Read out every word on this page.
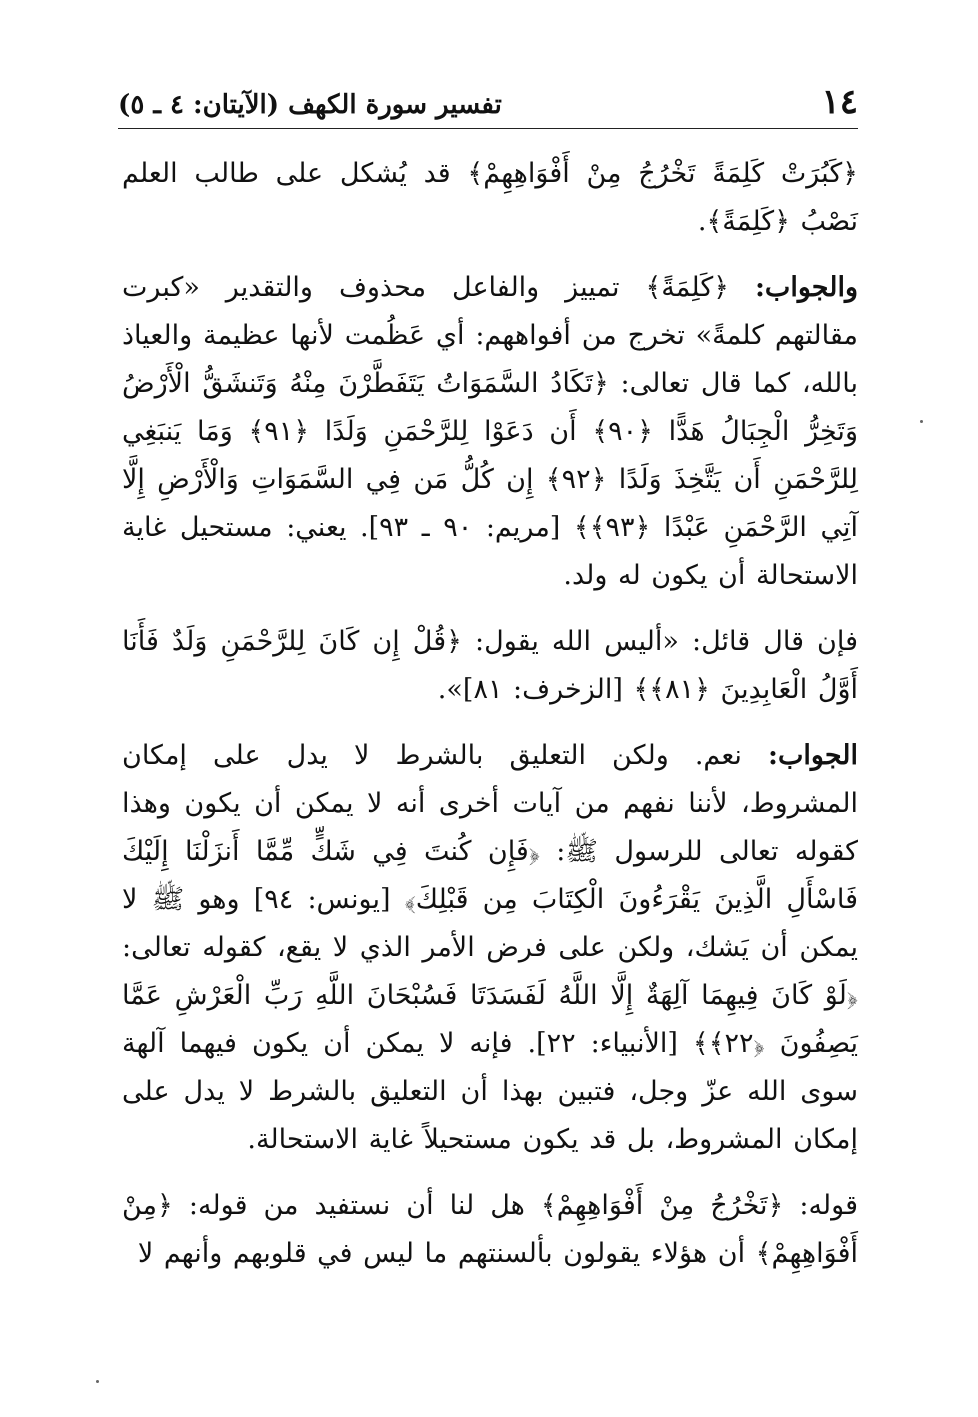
١٤
تفسير سورة الكهف (الآيتان: ٤ ـ ٥)

﴿كَبُرَتْ كَلِمَةً تَخْرُجُ مِنْ أَفْوَاهِهِمْ﴾ قد يُشكل على طالب العلم نَصْبُ ﴿كَلِمَةً﴾.

والجواب: ﴿كَلِمَةً﴾ تمييز والفاعل محذوف والتقدير «كبرت مقالتهم كلمةً» تخرج من أفواههم: أي عَظُمت لأنها عظيمة والعياذ بالله، كما قال تعالى: ﴿تَكَادُ السَّمَوَاتُ يَتَفَطَّرْنَ مِنْهُ وَتَنشَقُّ الْأَرْضُ وَتَخِرُّ الْجِبَالُ هَدًّا ﴿٩٠﴾ أَن دَعَوْا لِلرَّحْمَنِ وَلَدًا ﴿٩١﴾ وَمَا يَنبَغِي لِلرَّحْمَنِ أَن يَتَّخِذَ وَلَدًا ﴿٩٢﴾ إِن كُلُّ مَن فِي السَّمَوَاتِ وَالْأَرْضِ إِلَّا آتِي الرَّحْمَنِ عَبْدًا ﴿٩٣﴾﴾ [مريم: ٩٠ ـ ٩٣]. يعني: مستحيل غاية الاستحالة أن يكون له ولد.

فإن قال قائل: «أليس الله يقول: ﴿قُلْ إِن كَانَ لِلرَّحْمَنِ وَلَدٌ فَأَنَا أَوَّلُ الْعَابِدِينَ ﴿٨١﴾﴾ [الزخرف: ٨١]».

الجواب: نعم. ولكن التعليق بالشرط لا يدل على إمكان المشروط، لأننا نفهم من آيات أخرى أنه لا يمكن أن يكون وهذا كقوله تعالى للرسول ﷺ: ﴿فَإِن كُنتَ فِي شَكٍّ مِّمَّا أَنزَلْنَا إِلَيْكَ فَاسْأَلِ الَّذِينَ يَقْرَءُونَ الْكِتَابَ مِن قَبْلِكَ﴾ [يونس: ٩٤] وهو ﷺ لا يمكن أن يَشك، ولكن على فرض الأمر الذي لا يقع، كقوله تعالى: ﴿لَوْ كَانَ فِيهِمَا آلِهَةٌ إِلَّا اللَّهُ لَفَسَدَتَا فَسُبْحَانَ اللَّهِ رَبِّ الْعَرْشِ عَمَّا يَصِفُونَ ﴿٢٢﴾﴾ [الأنبياء: ٢٢]. فإنه لا يمكن أن يكون فيهما آلهة سوى الله عزّ وجل، فتبين بهذا أن التعليق بالشرط لا يدل على إمكان المشروط، بل قد يكون مستحيلاً غاية الاستحالة.

قوله: ﴿تَخْرُجُ مِنْ أَفْوَاهِهِمْ﴾ هل لنا أن نستفيد من قوله: ﴿مِنْ أَفْوَاهِهِمْ﴾ أن هؤلاء يقولون بألسنتهم ما ليس في قلوبهم وأنهم لا
